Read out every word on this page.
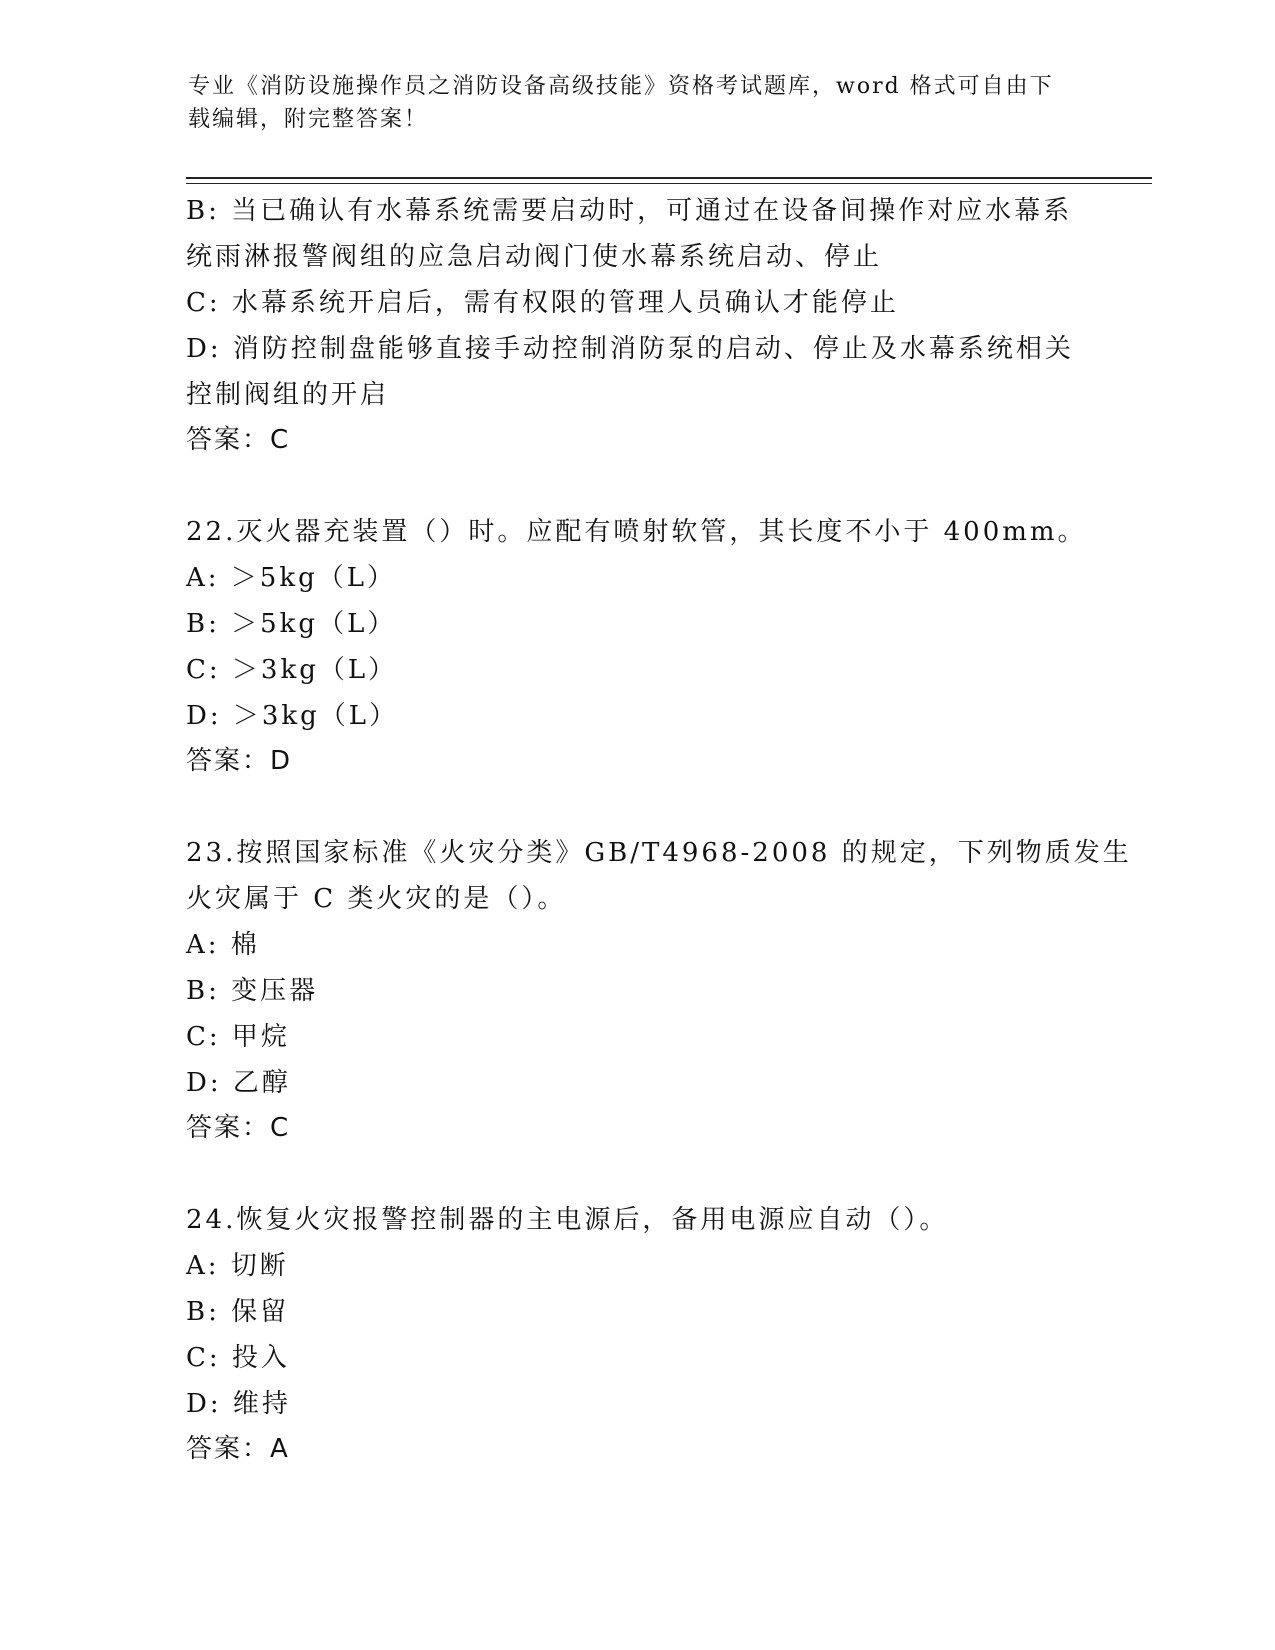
专业《消防设施操作员之消防设备高级技能》资格考试题库，word 格式可自由下
载编辑，附完整答案！
B: 当已确认有水幕系统需要启动时，可通过在设备间操作对应水幕系
统雨淋报警阀组的应急启动阀门使水幕系统启动、停止
C: 水幕系统开启后，需有权限的管理人员确认才能停止
D: 消防控制盘能够直接手动控制消防泵的启动、停止及水幕系统相关
控制阀组的开启
答案：C
22.灭火器充装置（）时。应配有喷射软管，其长度不小于 400mm。
A: ＞5kg（L）
B: ＞5kg（L）
C: ＞3kg（L）
D: ＞3kg（L）
答案：D
23.按照国家标准《火灾分类》GB/T4968-2008 的规定，下列物质发生
火灾属于 C 类火灾的是（）。
A: 棉
B: 变压器
C: 甲烷
D: 乙醇
答案：C
24.恢复火灾报警控制器的主电源后，备用电源应自动（）。
A: 切断
B: 保留
C: 投入
D: 维持
答案：A
